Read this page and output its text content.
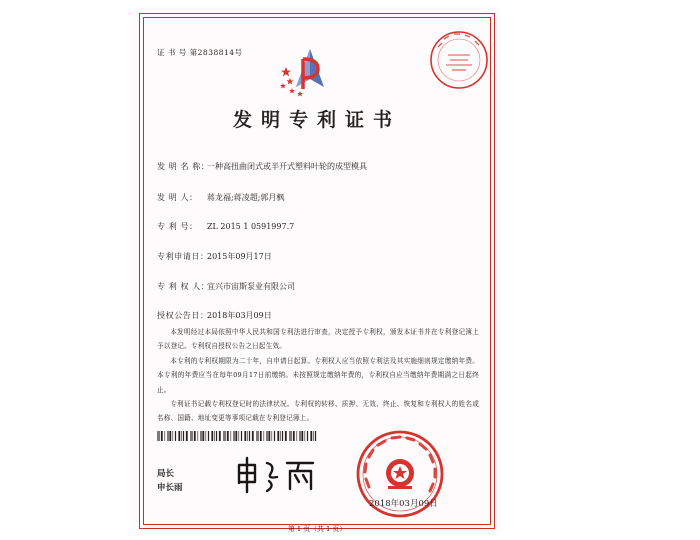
证 书 号 第2838814号
发明专利证书
发 明 名 称：一种高扭曲闭式或半开式塑料叶轮的成型模具
发 明 人： 蒋龙福;蒋凌超;郭月枫
专 利 号： ZL 2015 1 0591997.7
专利申请日：2015年09月17日
专 利 权 人：宜兴市宙斯泵业有限公司
授权公告日：2018年03月09日

本发明经过本局依照中华人民共和国专利法进行审查，决定授予专利权，颁发本证书并在专利登记簿上予以登记。专利权自授权公告之日起生效。

本专利的专利权期限为二十年，自申请日起算。专利权人应当依照专利法及其实施细则规定缴纳年费。本专利的年费应当在每年09月17日前缴纳。未按照规定缴纳年费的，专利权自应当缴纳年费期满之日起终止。

专利证书记载专利权登记时的法律状况。专利权的转移、质押、无效、终止、恢复和专利权人的姓名或名称、国籍、地址变更等事项记载在专利登记簿上。

局长
申长雨
2018年03月09日
第 1 页（共 1 页）
